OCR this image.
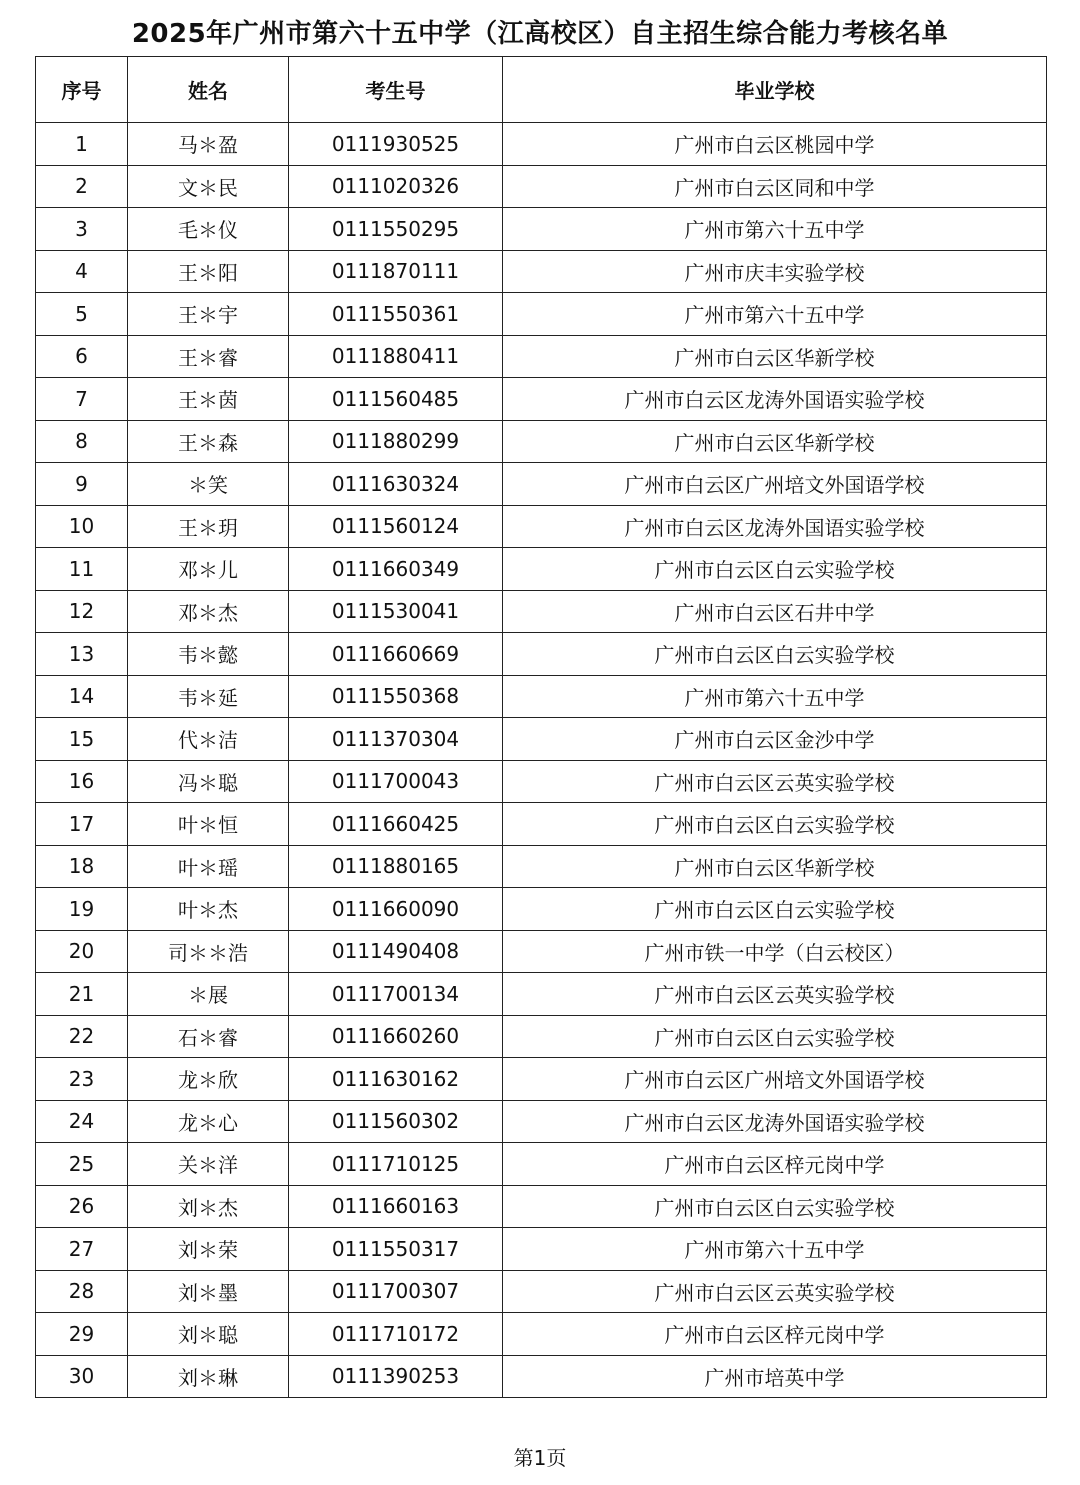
2025年广州市第六十五中学（江高校区）自主招生综合能力考核名单
序号	姓名	考生号	毕业学校
1	马＊盈	0111930525	广州市白云区桃园中学
2	文＊民	0111020326	广州市白云区同和中学
3	毛＊仪	0111550295	广州市第六十五中学
4	王＊阳	0111870111	广州市庆丰实验学校
5	王＊宇	0111550361	广州市第六十五中学
6	王＊睿	0111880411	广州市白云区华新学校
7	王＊茵	0111560485	广州市白云区龙涛外国语实验学校
8	王＊森	0111880299	广州市白云区华新学校
9	＊笑	0111630324	广州市白云区广州培文外国语学校
10	王＊玥	0111560124	广州市白云区龙涛外国语实验学校
11	邓＊儿	0111660349	广州市白云区白云实验学校
12	邓＊杰	0111530041	广州市白云区石井中学
13	韦＊懿	0111660669	广州市白云区白云实验学校
14	韦＊延	0111550368	广州市第六十五中学
15	代＊洁	0111370304	广州市白云区金沙中学
16	冯＊聪	0111700043	广州市白云区云英实验学校
17	叶＊恒	0111660425	广州市白云区白云实验学校
18	叶＊瑶	0111880165	广州市白云区华新学校
19	叶＊杰	0111660090	广州市白云区白云实验学校
20	司＊＊浩	0111490408	广州市铁一中学（白云校区）
21	＊展	0111700134	广州市白云区云英实验学校
22	石＊睿	0111660260	广州市白云区白云实验学校
23	龙＊欣	0111630162	广州市白云区广州培文外国语学校
24	龙＊心	0111560302	广州市白云区龙涛外国语实验学校
25	关＊洋	0111710125	广州市白云区梓元岗中学
26	刘＊杰	0111660163	广州市白云区白云实验学校
27	刘＊荣	0111550317	广州市第六十五中学
28	刘＊墨	0111700307	广州市白云区云英实验学校
29	刘＊聪	0111710172	广州市白云区梓元岗中学
30	刘＊琳	0111390253	广州市培英中学
第1页
